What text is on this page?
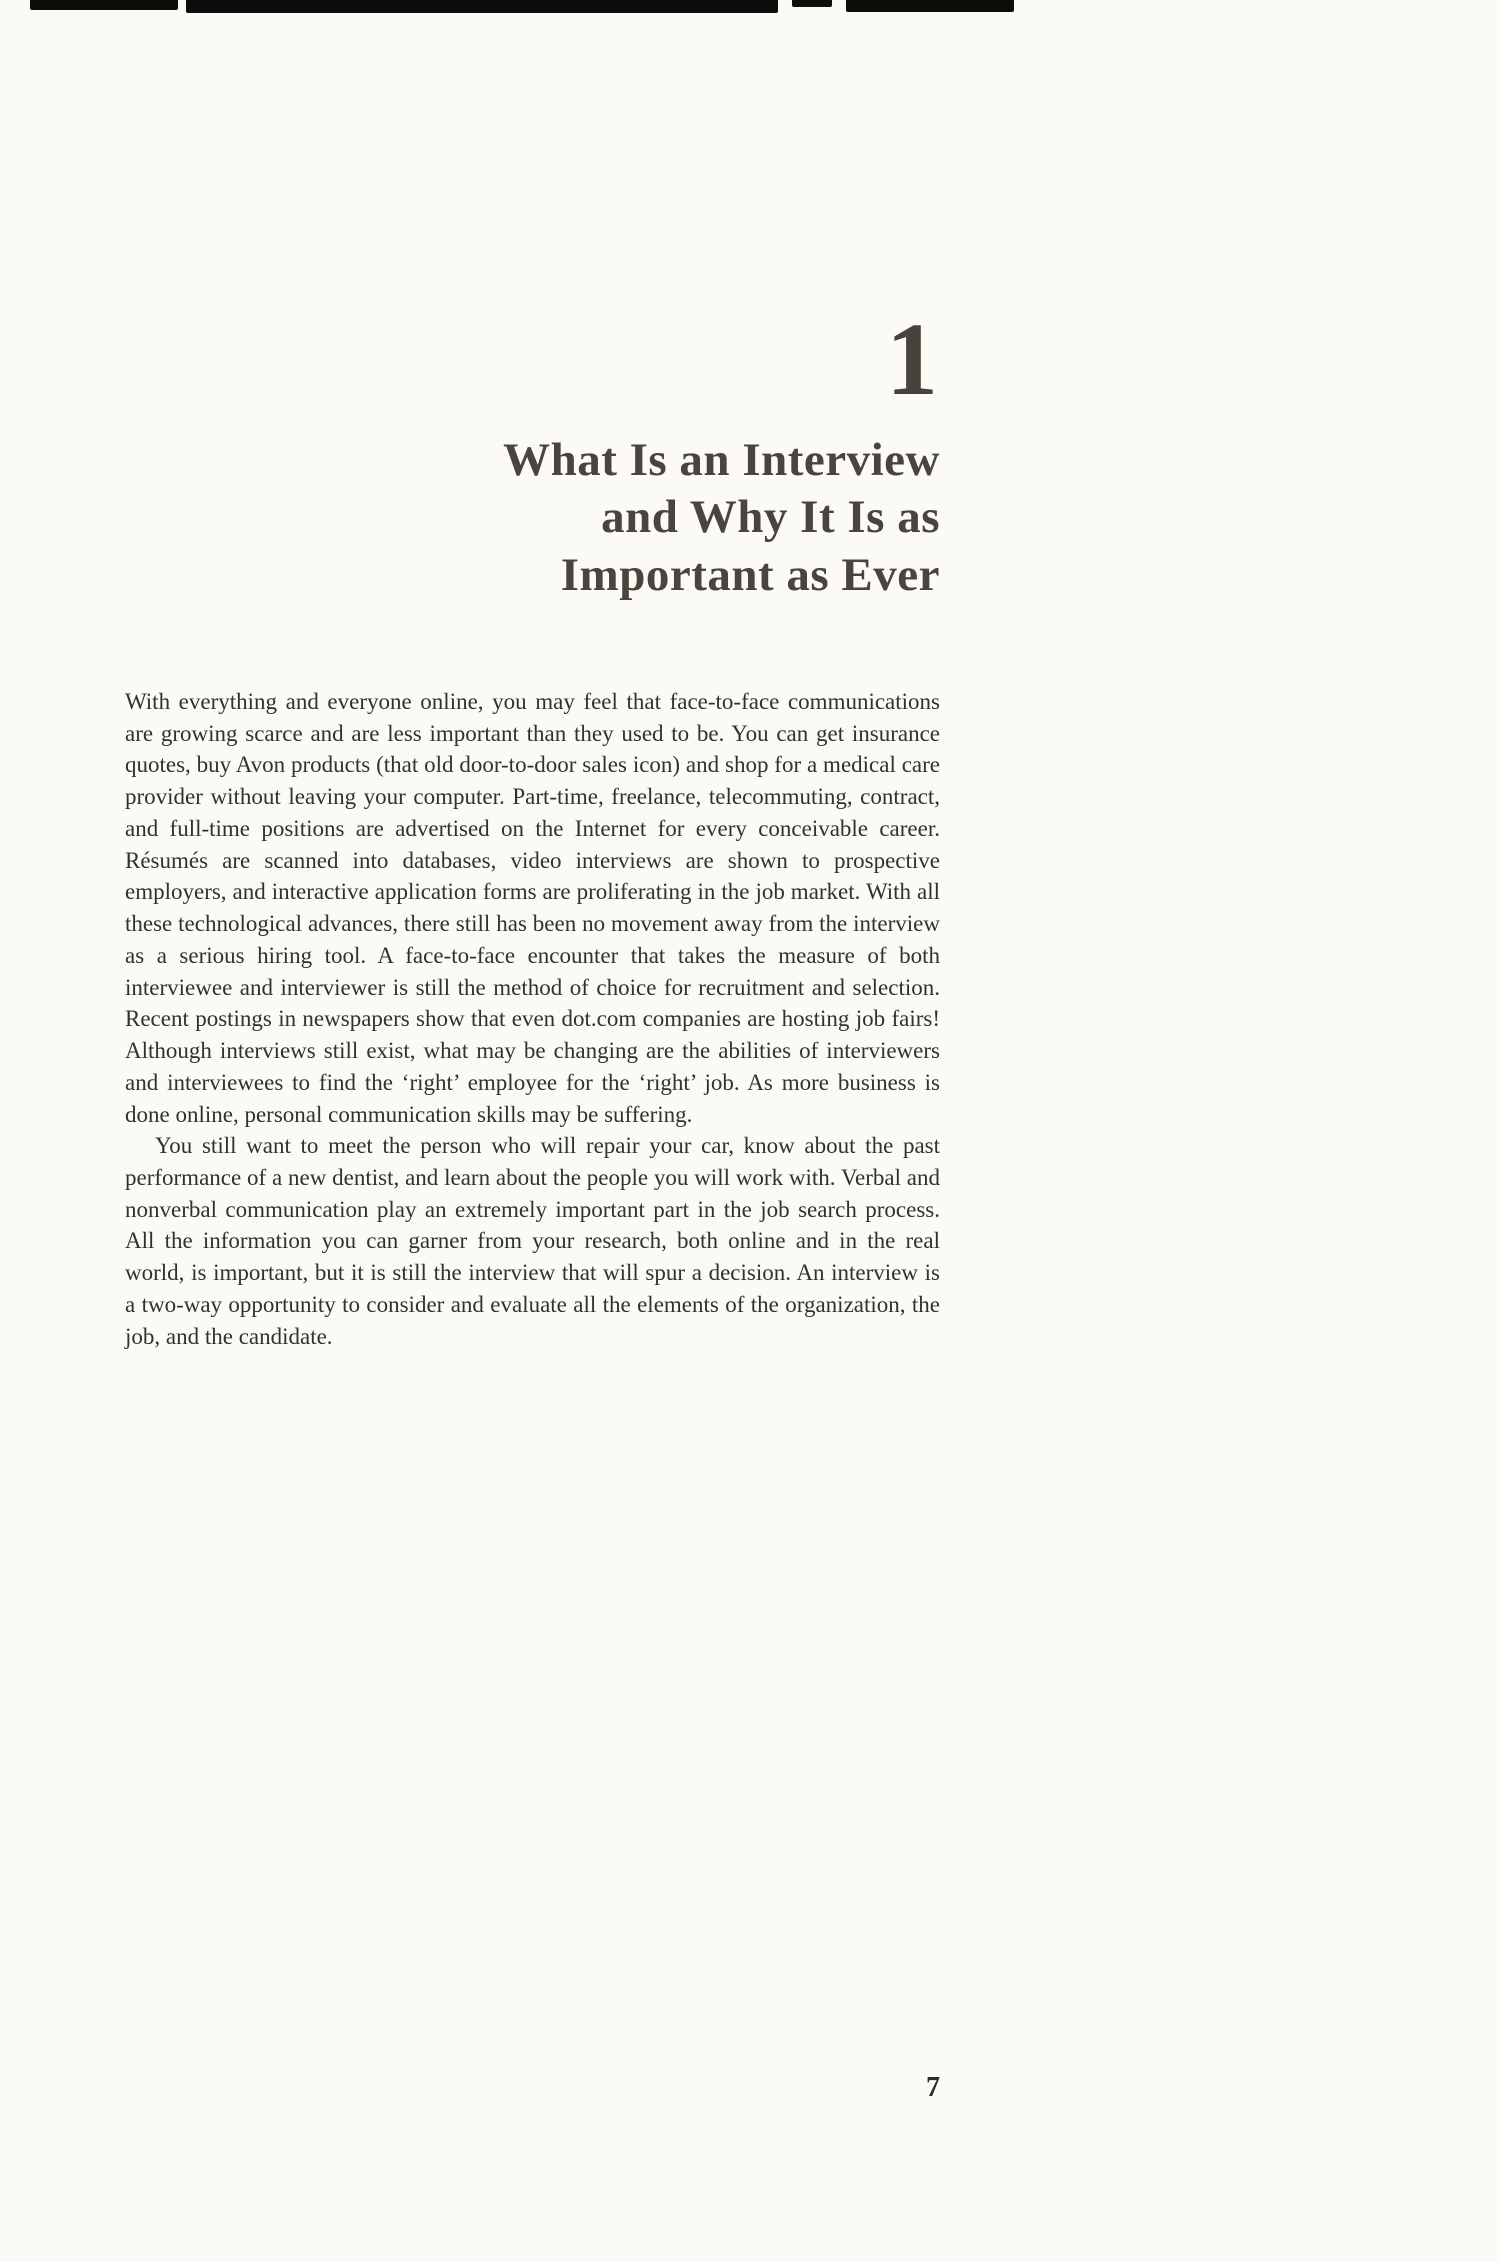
1
What Is an Interview
and Why It Is as
Important as Ever

With everything and everyone online, you may feel that face-to-face communications are growing scarce and are less important than they used to be. You can get insurance quotes, buy Avon products (that old door-to-door sales icon) and shop for a medical care provider without leaving your computer. Part-time, freelance, telecommuting, contract, and full-time positions are advertised on the Internet for every conceivable career. Résumés are scanned into databases, video interviews are shown to prospective employers, and interactive application forms are proliferating in the job market. With all these technological advances, there still has been no movement away from the interview as a serious hiring tool. A face-to-face encounter that takes the measure of both interviewee and interviewer is still the method of choice for recruitment and selection. Recent postings in newspapers show that even dot.com companies are hosting job fairs! Although interviews still exist, what may be changing are the abilities of interviewers and interviewees to find the ‘right’ employee for the ‘right’ job. As more business is done online, personal communication skills may be suffering.

You still want to meet the person who will repair your car, know about the past performance of a new dentist, and learn about the people you will work with. Verbal and nonverbal communication play an extremely important part in the job search process. All the information you can garner from your research, both online and in the real world, is important, but it is still the interview that will spur a decision. An interview is a two-way opportunity to consider and evaluate all the elements of the organization, the job, and the candidate.

7
